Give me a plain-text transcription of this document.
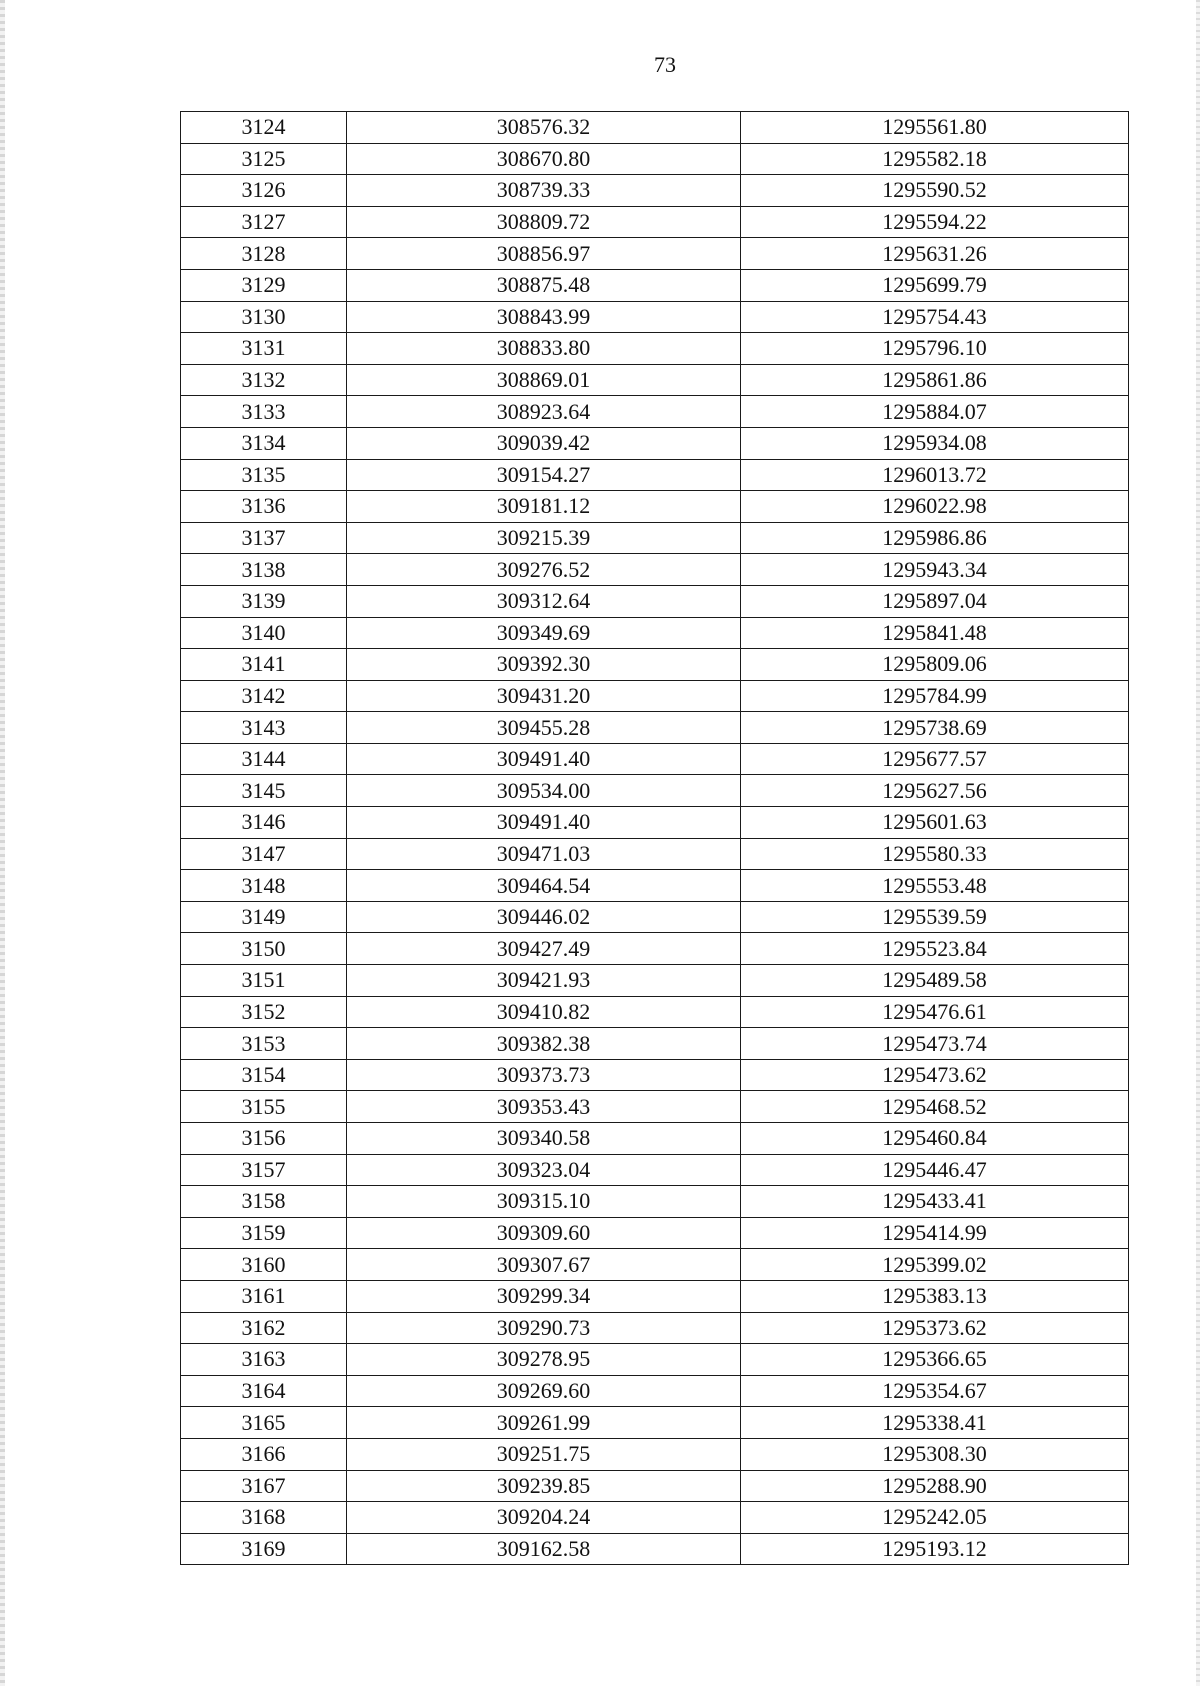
73
3124	308576.32	1295561.80
3125	308670.80	1295582.18
3126	308739.33	1295590.52
3127	308809.72	1295594.22
3128	308856.97	1295631.26
3129	308875.48	1295699.79
3130	308843.99	1295754.43
3131	308833.80	1295796.10
3132	308869.01	1295861.86
3133	308923.64	1295884.07
3134	309039.42	1295934.08
3135	309154.27	1296013.72
3136	309181.12	1296022.98
3137	309215.39	1295986.86
3138	309276.52	1295943.34
3139	309312.64	1295897.04
3140	309349.69	1295841.48
3141	309392.30	1295809.06
3142	309431.20	1295784.99
3143	309455.28	1295738.69
3144	309491.40	1295677.57
3145	309534.00	1295627.56
3146	309491.40	1295601.63
3147	309471.03	1295580.33
3148	309464.54	1295553.48
3149	309446.02	1295539.59
3150	309427.49	1295523.84
3151	309421.93	1295489.58
3152	309410.82	1295476.61
3153	309382.38	1295473.74
3154	309373.73	1295473.62
3155	309353.43	1295468.52
3156	309340.58	1295460.84
3157	309323.04	1295446.47
3158	309315.10	1295433.41
3159	309309.60	1295414.99
3160	309307.67	1295399.02
3161	309299.34	1295383.13
3162	309290.73	1295373.62
3163	309278.95	1295366.65
3164	309269.60	1295354.67
3165	309261.99	1295338.41
3166	309251.75	1295308.30
3167	309239.85	1295288.90
3168	309204.24	1295242.05
3169	309162.58	1295193.12
